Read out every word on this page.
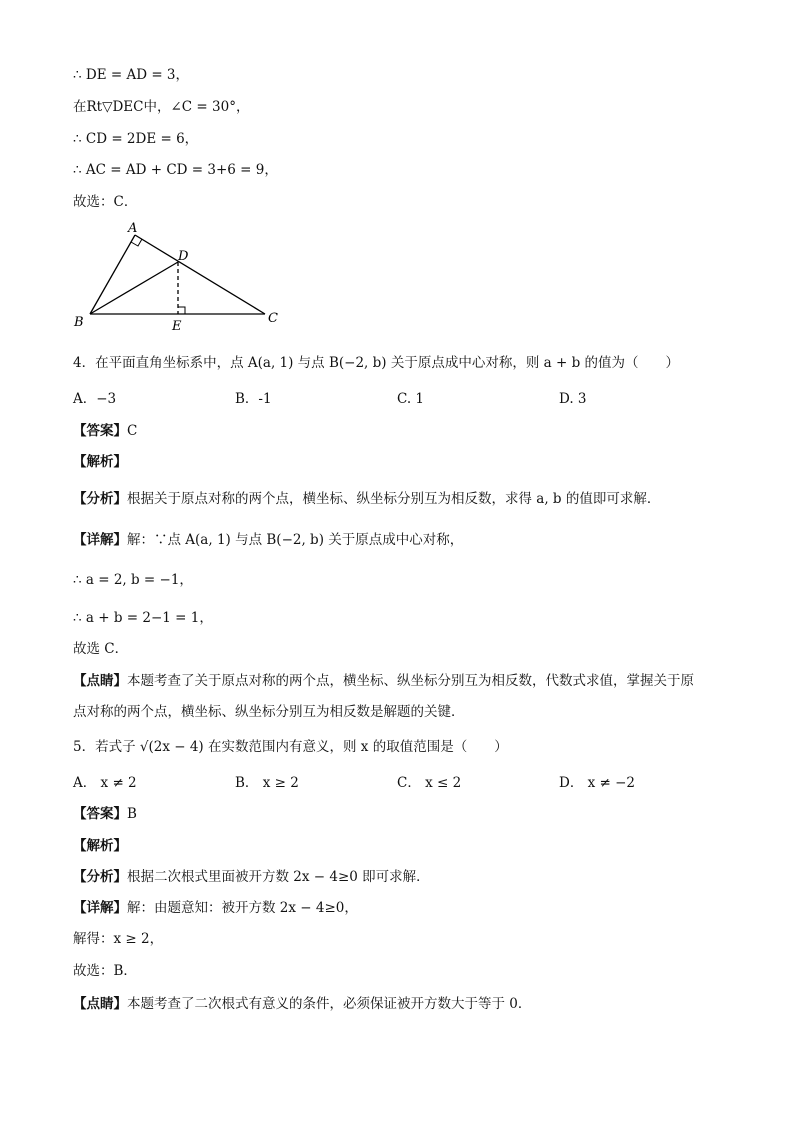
∴ DE = AD = 3，
在Rt▽DEC中，∠C = 30°，
∴ CD = 2DE = 6，
∴ AC = AD + CD = 3+6 = 9，
故选：C．
A
B	C
D
E
4．在平面直角坐标系中，点 A(a, 1) 与点 B(−2, b) 关于原点成中心对称，则 a + b 的值为（　　）
A．−3	B．-1	C. 1	D. 3
【答案】C
【解析】
【分析】根据关于原点对称的两个点，横坐标、纵坐标分别互为相反数，求得 a, b 的值即可求解．
【详解】解：∵点 A(a, 1) 与点 B(−2, b) 关于原点成中心对称，
∴ a = 2, b = −1，
∴ a + b = 2−1 = 1，
故选 C．
【点睛】本题考查了关于原点对称的两个点，横坐标、纵坐标分别互为相反数，代数式求值，掌握关于原
点对称的两个点，横坐标、纵坐标分别互为相反数是解题的关键．
5．若式子 √(2x − 4) 在实数范围内有意义，则 x 的取值范围是（　　）
A． x ≠ 2	B． x ≥ 2	C． x ≤ 2	D． x ≠ −2
【答案】B
【解析】
【分析】根据二次根式里面被开方数 2x − 4≥0 即可求解．
【详解】解：由题意知：被开方数 2x − 4≥0，
解得：x ≥ 2，
故选：B．
【点睛】本题考查了二次根式有意义的条件，必须保证被开方数大于等于 0．
